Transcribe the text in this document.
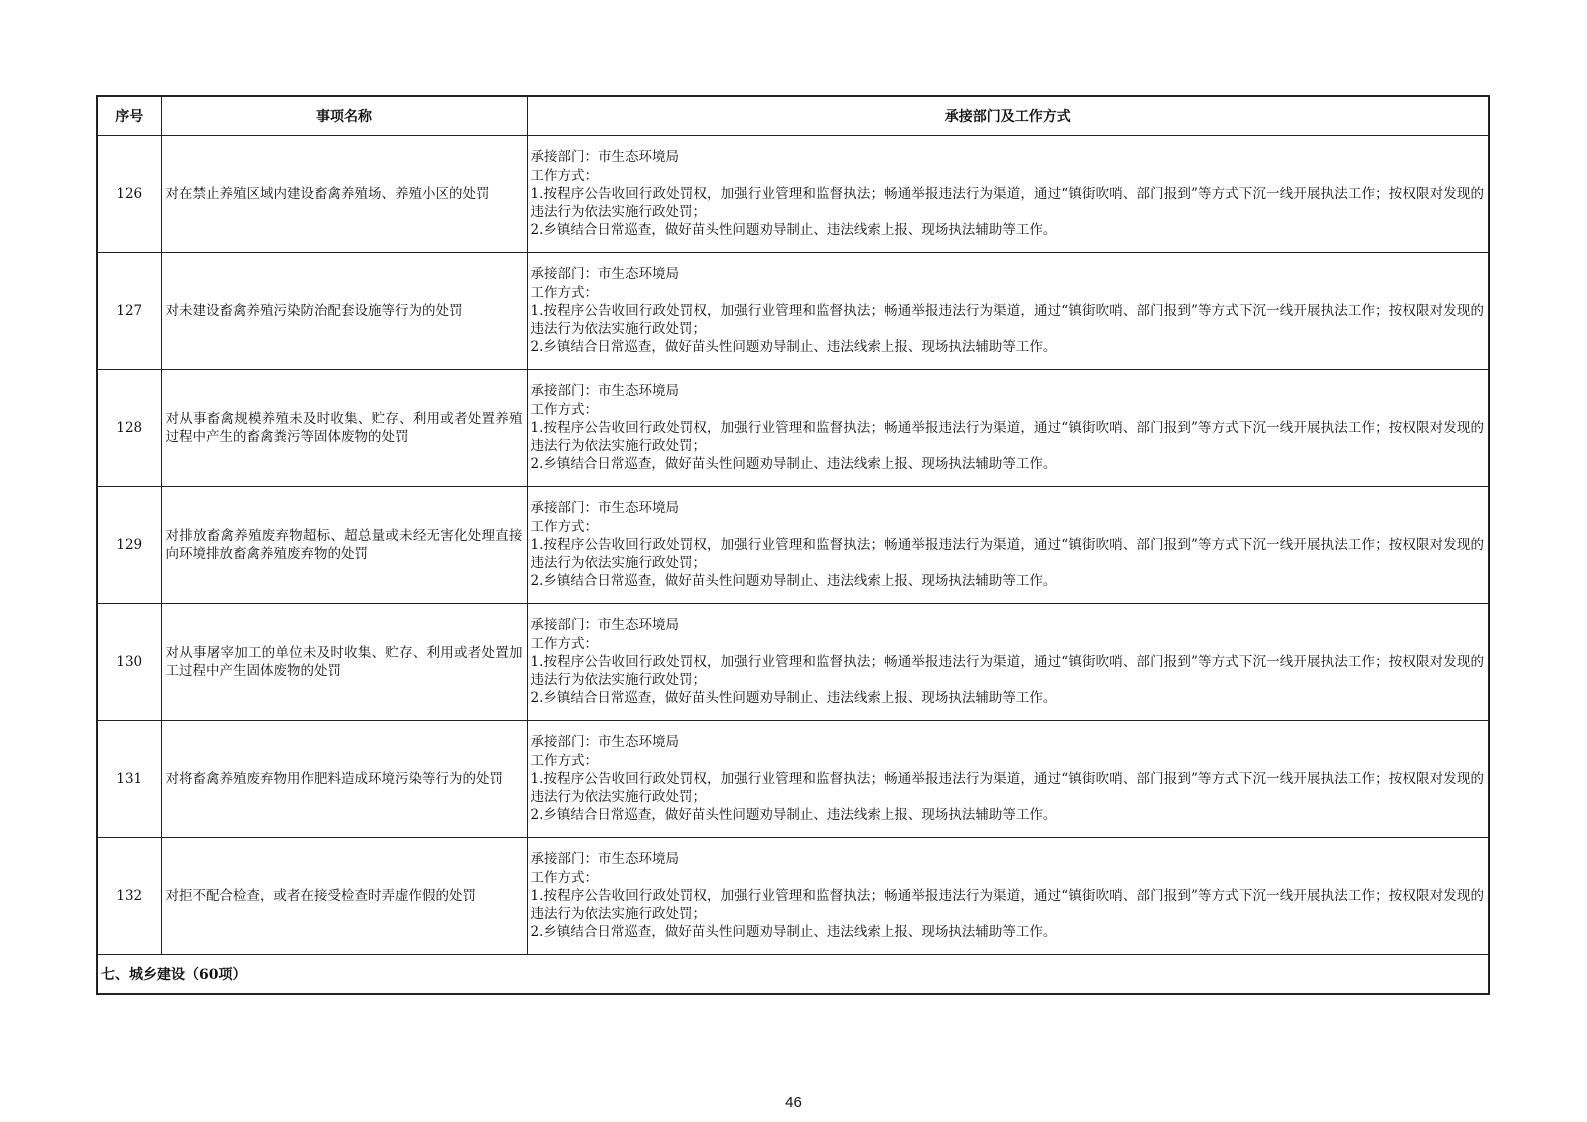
序号	事项名称	承接部门及工作方式
126	对在禁止养殖区域内建设畜禽养殖场、养殖小区的处罚	承接部门：市生态环境局
工作方式：
1.按程序公告收回行政处罚权，加强行业管理和监督执法；畅通举报违法行为渠道，通过“镇街吹哨、部门报到”等方式下沉一线开展执法工作；按权限对发现的违法行为依法实施行政处罚；
2.乡镇结合日常巡查，做好苗头性问题劝导制止、违法线索上报、现场执法辅助等工作。

127	对未建设畜禽养殖污染防治配套设施等行为的处罚	承接部门：市生态环境局
工作方式：
1.按程序公告收回行政处罚权，加强行业管理和监督执法；畅通举报违法行为渠道，通过“镇街吹哨、部门报到”等方式下沉一线开展执法工作；按权限对发现的违法行为依法实施行政处罚；
2.乡镇结合日常巡查，做好苗头性问题劝导制止、违法线索上报、现场执法辅助等工作。

128	对从事畜禽规模养殖未及时收集、贮存、利用或者处置养殖过程中产生的畜禽粪污等固体废物的处罚	承接部门：市生态环境局
工作方式：
1.按程序公告收回行政处罚权，加强行业管理和监督执法；畅通举报违法行为渠道，通过“镇街吹哨、部门报到”等方式下沉一线开展执法工作；按权限对发现的违法行为依法实施行政处罚；
2.乡镇结合日常巡查，做好苗头性问题劝导制止、违法线索上报、现场执法辅助等工作。

129	对排放畜禽养殖废弃物超标、超总量或未经无害化处理直接向环境排放畜禽养殖废弃物的处罚	承接部门：市生态环境局
工作方式：
1.按程序公告收回行政处罚权，加强行业管理和监督执法；畅通举报违法行为渠道，通过“镇街吹哨、部门报到”等方式下沉一线开展执法工作；按权限对发现的违法行为依法实施行政处罚；
2.乡镇结合日常巡查，做好苗头性问题劝导制止、违法线索上报、现场执法辅助等工作。

130	对从事屠宰加工的单位未及时收集、贮存、利用或者处置加工过程中产生固体废物的处罚	承接部门：市生态环境局
工作方式：
1.按程序公告收回行政处罚权，加强行业管理和监督执法；畅通举报违法行为渠道，通过“镇街吹哨、部门报到”等方式下沉一线开展执法工作；按权限对发现的违法行为依法实施行政处罚；
2.乡镇结合日常巡查，做好苗头性问题劝导制止、违法线索上报、现场执法辅助等工作。

131	对将畜禽养殖废弃物用作肥料造成环境污染等行为的处罚	承接部门：市生态环境局
工作方式：
1.按程序公告收回行政处罚权，加强行业管理和监督执法；畅通举报违法行为渠道，通过“镇街吹哨、部门报到”等方式下沉一线开展执法工作；按权限对发现的违法行为依法实施行政处罚；
2.乡镇结合日常巡查，做好苗头性问题劝导制止、违法线索上报、现场执法辅助等工作。

132	对拒不配合检查，或者在接受检查时弄虚作假的处罚	承接部门：市生态环境局
工作方式：
1.按程序公告收回行政处罚权，加强行业管理和监督执法；畅通举报违法行为渠道，通过“镇街吹哨、部门报到”等方式下沉一线开展执法工作；按权限对发现的违法行为依法实施行政处罚；
2.乡镇结合日常巡查，做好苗头性问题劝导制止、违法线索上报、现场执法辅助等工作。

七、城乡建设（60项）		
46
